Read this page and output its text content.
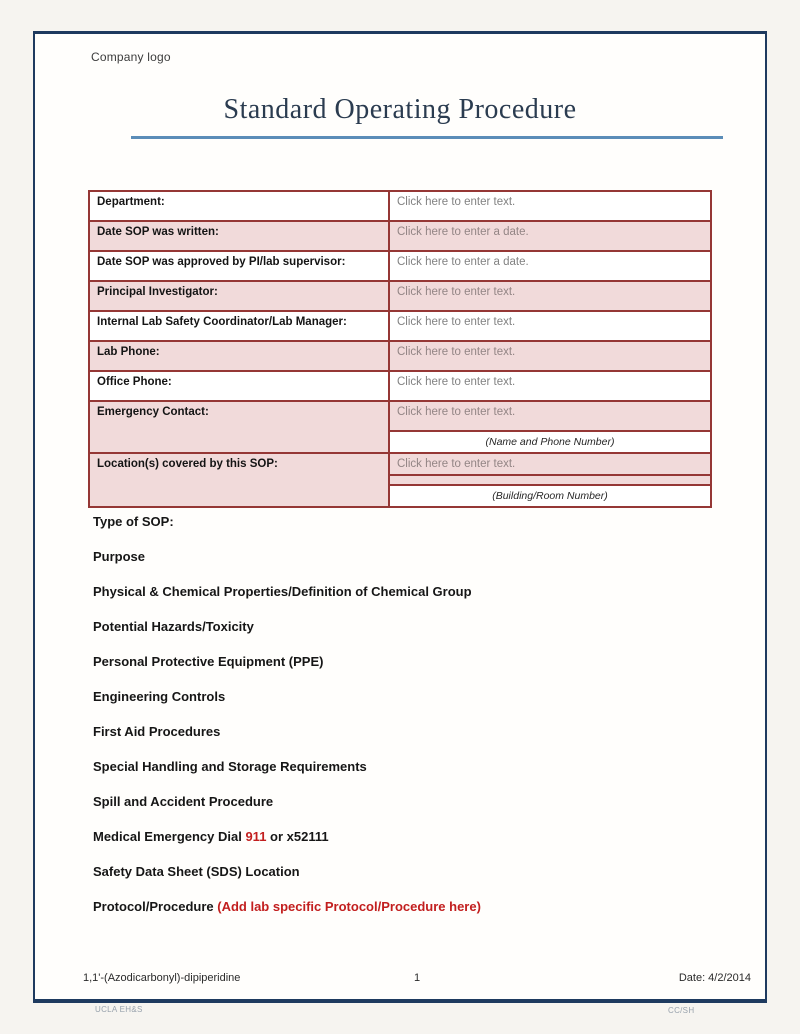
Company logo
Standard Operating Procedure
Department:	Click here to enter text.
Date SOP was written:	Click here to enter a date.
Date SOP was approved by PI/lab supervisor:	Click here to enter a date.
Principal Investigator:	Click here to enter text.
Internal Lab Safety Coordinator/Lab Manager:	Click here to enter text.
Lab Phone:	Click here to enter text.
Office Phone:	Click here to enter text.
Emergency Contact:	Click here to enter text.
	(Name and Phone Number)
Location(s) covered by this SOP:	Click here to enter text.

	(Building/Room Number)
Type of SOP:
Purpose
Physical & Chemical Properties/Definition of Chemical Group
Potential Hazards/Toxicity
Personal Protective Equipment (PPE)
Engineering Controls
First Aid Procedures
Special Handling and Storage Requirements
Spill and Accident Procedure
Medical Emergency Dial 911 or x52111
Safety Data Sheet (SDS) Location
Protocol/Procedure (Add lab specific Protocol/Procedure here)
1,1'-(Azodicarbonyl)-dipiperidine	1	Date: 4/2/2014
UCLA EH&S	CC/SH
